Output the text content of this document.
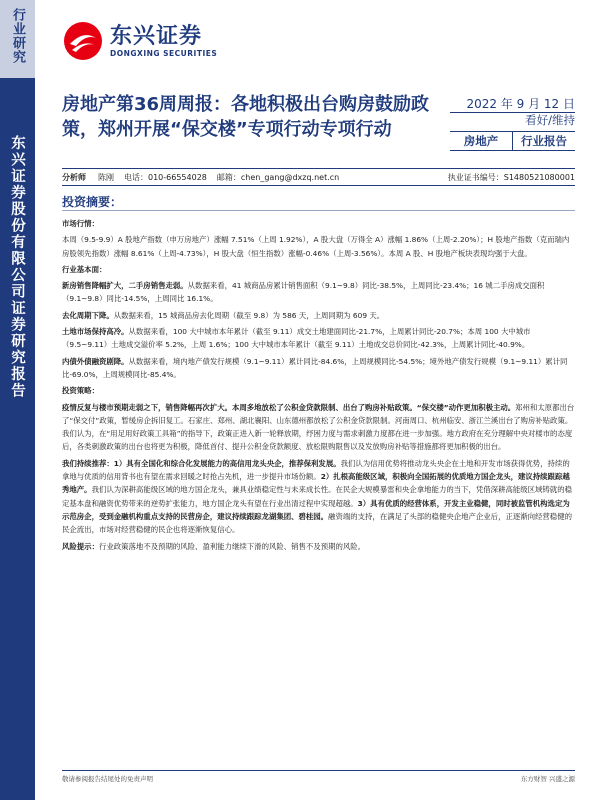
行业研究
东兴证券股份有限公司证券研究报告
东兴证券
DONGXING SECURITIES
房地产第36周周报：各地积极出台购房鼓励政策，郑州开展“保交楼”专项行动专项行动
2022 年 9 月 12 日
看好/维持
房地产	行业报告
分析师 陈刚 电话：010-66554028 邮箱：chen_gang@dxzq.net.cn	执业证书编号：S1480521080001
投资摘要：

市场行情：

本周（9.5-9.9）A 股地产指数（申万房地产）涨幅 7.51%（上周 1.92%），A 股大盘（万得全 A）涨幅 1.86%（上周-2.20%）；H 股地产指数（克而瑞内房股领先指数）涨幅 8.61%（上周-4.73%），H 股大盘（恒生指数）涨幅-0.46%（上周-3.56%）。本周 A 股、H 股地产板块表现均强于大盘。

行业基本面：

新房销售降幅扩大，二手房销售走弱。从数据来看，41 城商品房累计销售面积（9.1~9.8）同比-38.5%，上周同比-23.4%；16 城二手房成交面积（9.1~9.8）同比-14.5%，上周同比 16.1%。

去化周期下降。从数据来看，15 城商品房去化周期（截至 9.8）为 586 天，上周同期为 609 天。

土地市场保持高冷。从数据来看，100 大中城市本年累计（截至 9.11）成交土地建面同比-21.7%，上周累计同比-20.7%；本周 100 大中城市（9.5~9.11）土地成交溢价率 5.2%，上周 1.6%；100 大中城市本年累计（截至 9.11）土地成交总价同比-42.3%，上周累计同比-40.9%。

内债外债融资剧降。从数据来看，境内地产债发行规模（9.1~9.11）累计同比-84.6%，上周规模同比-54.5%；境外地产债发行规模（9.1~9.11）累计同比-69.0%，上周规模同比-85.4%。

投资策略：

疫情反复与楼市预期走弱之下，销售降幅再次扩大。本周多地放松了公积金贷款限制、出台了购房补贴政策。“保交楼”动作更加积极主动。郑州和太原都出台了“保交付”政策，暂缓房企拆旧复工。石家庄、郑州、湖北襄阳、山东德州都放松了公积金贷款限制。河南周口、杭州临安、浙江兰溪出台了购房补贴政策。我们认为，在“用足用好政策工具箱”的指导下，政策正进入新一轮释放期，纾困力度与需求刺激力度都在进一步加强。地方政府在充分理解中央对楼市的态度后，各类刺激政策的出台也将更为积极，降低首付、提升公积金贷款额度、放松限购限售以及发放购房补贴等措施都将更加积极的出台。

我们持续推荐：1）具有全国化和综合化发展能力的高信用龙头央企，推荐保利发展。我们认为信用优势将推动龙头央企在土地和开发市场获得优势，持续的拿地与优质的信用背书也有望在需求回暖之时抢占先机，进一步提升市场份额。2）扎根高能级区域，积极向全国拓展的优质地方国企龙头，建议持续跟踪越秀地产。我们认为深耕高能级区域的地方国企龙头，兼具业绩稳定性与未来成长性。在民企大规模暴雷和央企拿地能力的当下，凭借深耕高能级区域铸就的稳定基本盘和融资优势带来的逆势扩张能力，地方国企龙头有望在行业出清过程中实现超越。3）具有优质的经营体系，开发主业稳健，同时被监管机构选定为示范房企，受到金融机构重点支持的民营房企，建议持续跟踪龙湖集团、碧桂园。融资端的支持，在满足了头部的稳健央企地产企业后，正逐渐向经营稳健的民企流出，市场对经营稳健的民企也将逐渐恢复信心。

风险提示：行业政策落地不及预期的风险、盈利能力继续下滑的风险、销售不及预期的风险。

敬请参阅报告结尾处的免责声明	东方财智 兴盛之源
